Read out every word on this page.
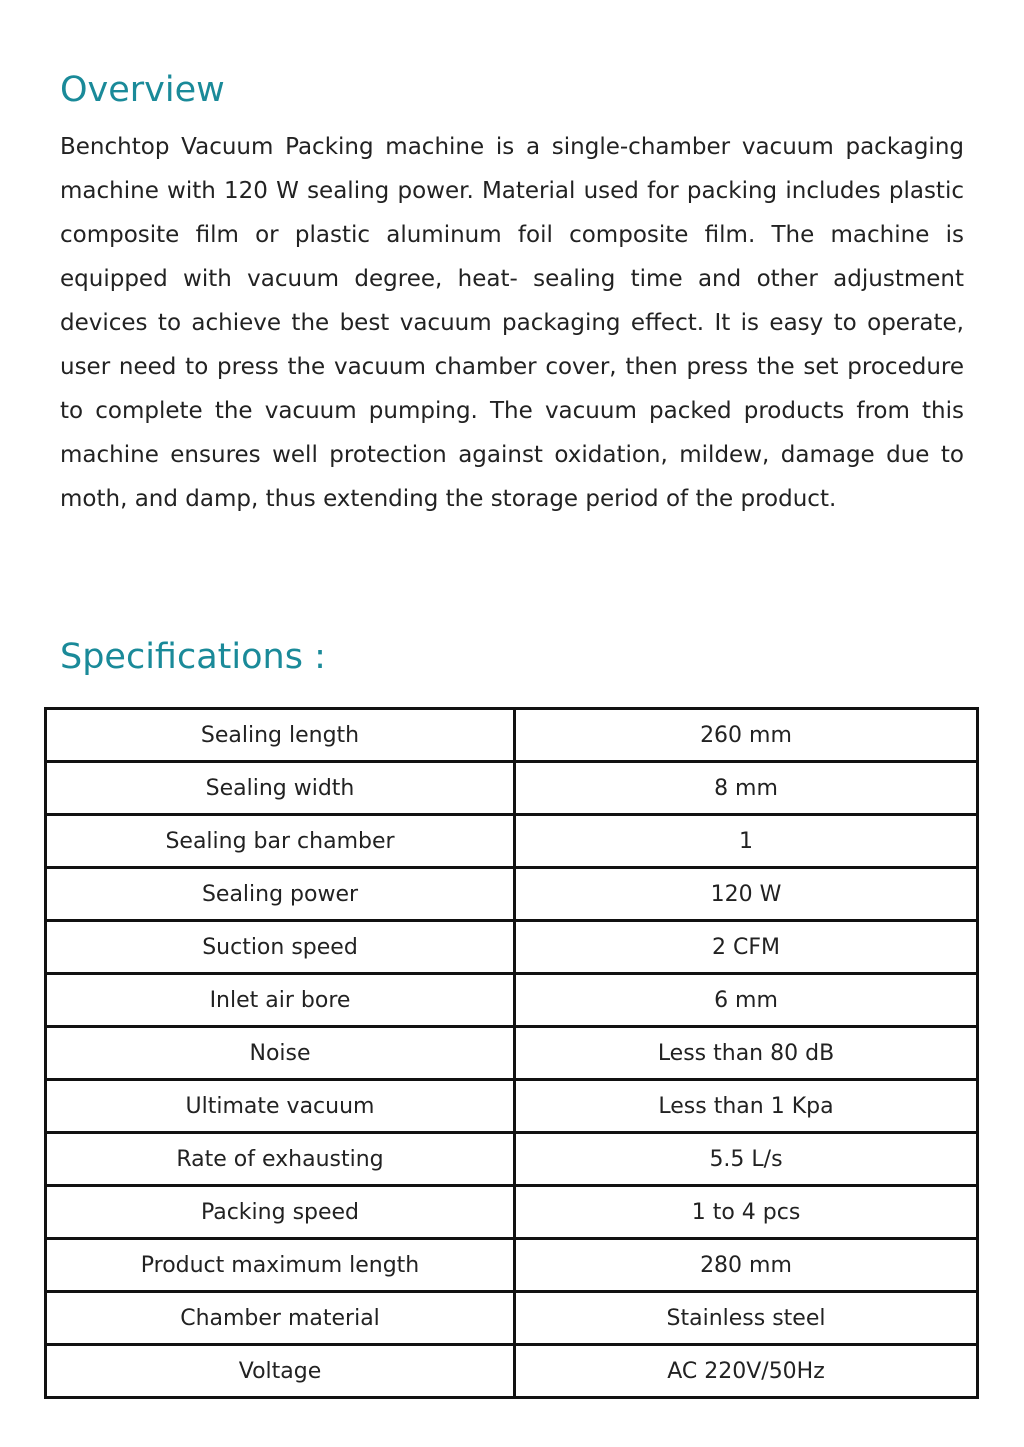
Overview

Benchtop Vacuum Packing machine is a single-chamber vacuum packaging machine with 120 W sealing power. Material used for packing includes plastic composite film or plastic aluminum foil composite film. The machine is equipped with vacuum degree, heat- sealing time and other adjustment devices to achieve the best vacuum packaging effect. It is easy to operate, user need to press the vacuum chamber cover, then press the set procedure to complete the vacuum pumping. The vacuum packed products from this machine ensures well protection against oxidation, mildew, damage due to moth, and damp, thus extending the storage period of the product.

Specifications :
Sealing length	260 mm
Sealing width	8 mm
Sealing bar chamber	1
Sealing power	120 W
Suction speed	2 CFM
Inlet air bore	6 mm
Noise	Less than 80 dB
Ultimate vacuum	Less than 1 Kpa
Rate of exhausting	5.5 L/s
Packing speed	1 to 4 pcs
Product maximum length	280 mm
Chamber material	Stainless steel
Voltage	AC 220V/50Hz
